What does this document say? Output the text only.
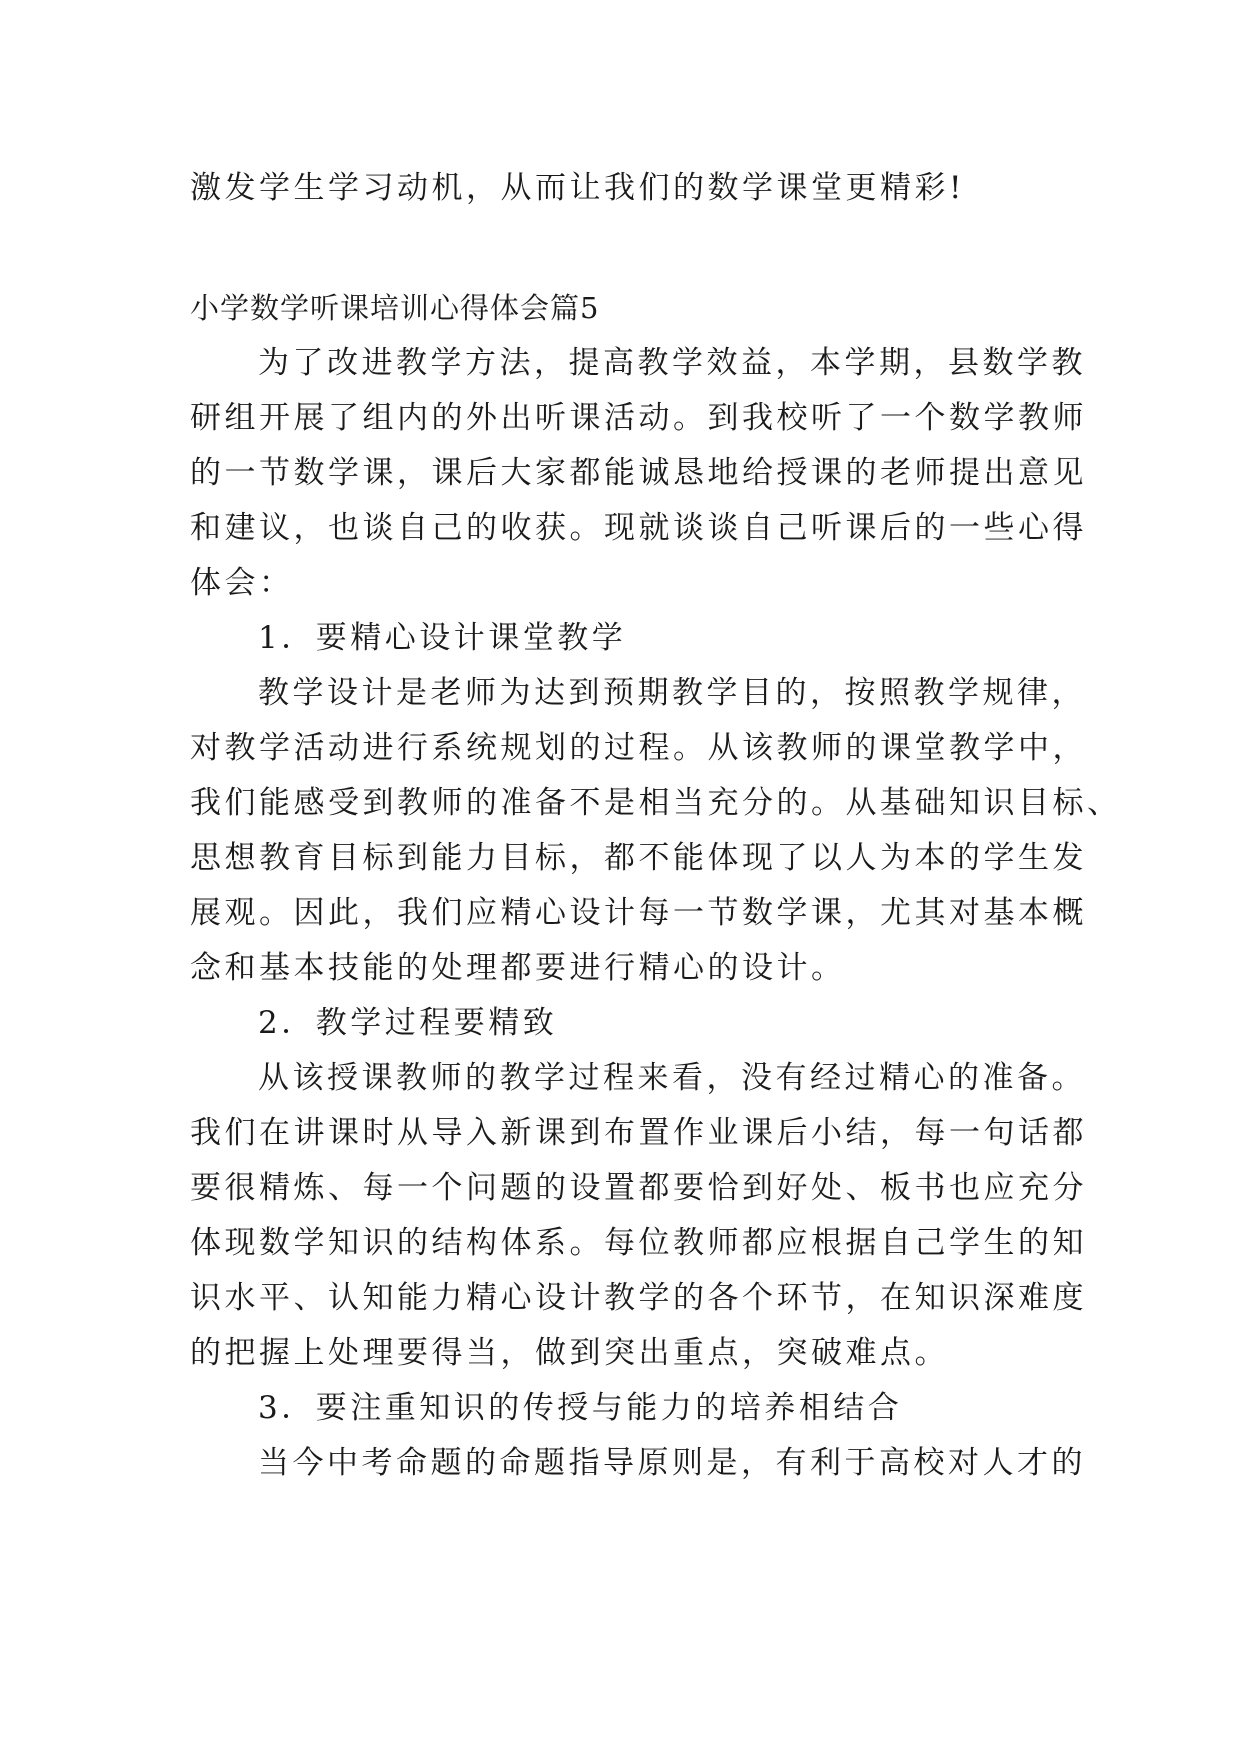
激发学生学习动机，从而让我们的数学课堂更精彩!
小学数学听课培训心得体会篇5
为了改进教学方法，提高教学效益，本学期，县数学教
研组开展了组内的外出听课活动。到我校听了一个数学教师
的一节数学课，课后大家都能诚恳地给授课的老师提出意见
和建议，也谈自己的收获。现就谈谈自己听课后的一些心得
体会：
1．要精心设计课堂教学
教学设计是老师为达到预期教学目的，按照教学规律，
对教学活动进行系统规划的过程。从该教师的课堂教学中，
我们能感受到教师的准备不是相当充分的。从基础知识目标、
思想教育目标到能力目标，都不能体现了以人为本的学生发
展观。因此，我们应精心设计每一节数学课，尤其对基本概
念和基本技能的处理都要进行精心的设计。
2．教学过程要精致
从该授课教师的教学过程来看，没有经过精心的准备。
我们在讲课时从导入新课到布置作业课后小结，每一句话都
要很精炼、每一个问题的设置都要恰到好处、板书也应充分
体现数学知识的结构体系。每位教师都应根据自己学生的知
识水平、认知能力精心设计教学的各个环节，在知识深难度
的把握上处理要得当，做到突出重点，突破难点。
3．要注重知识的传授与能力的培养相结合
当今中考命题的命题指导原则是，有利于高校对人才的
